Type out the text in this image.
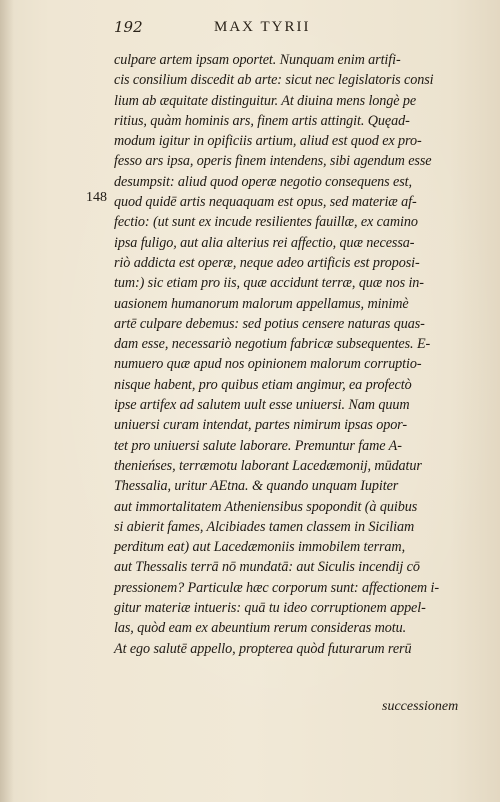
192	MAX TYRII
148
culpare artem ipsam oportet. Nunquam enim artifi-
cis consilium discedit ab arte: sicut nec legislatoris consi
lium ab æquitate distinguitur. At diuina mens longè pe
ritius, quàm hominis ars, finem artis attingit. Quęad-
modum igitur in opificiis artium, aliud est quod ex pro-
fesso ars ipsa, operis finem intendens, sibi agendum esse
desumpsit: aliud quod operæ negotio consequens est,
quod quidē artis nequaquam est opus, sed materiæ af-
fectio: (ut sunt ex incude resilientes fauillæ, ex camino
ipsa fuligo, aut alia alterius rei affectio, quæ necessa-
riò addicta est operæ, neque adeo artificis est proposi-
tum:) sic etiam pro iis, quæ accidunt terræ, quæ nos in-
uasionem humanorum malorum appellamus, minimè
artē culpare debemus: sed potius censere naturas quas-
dam esse, necessariò negotium fabricæ subsequentes. E-
numuero quæ apud nos opinionem malorum corruptio-
nisque habent, pro quibus etiam angimur, ea profectò
ipse artifex ad salutem uult esse uniuersi. Nam quum
uniuersi curam intendat, partes nimirum ipsas opor-
tet pro uniuersi salute laborare. Premuntur fame A-
thenieńses, terræmotu laborant Lacedæmonij, mūdatur
Thessalia, uritur AEtna. & quando unquam Iupiter
aut immortalitatem Atheniensibus spopondit (à quibus
si abierit fames, Alcibiades tamen classem in Siciliam
perditum eat) aut Lacedæmoniis immobilem terram,
aut Thessalis terrā nō mundatā: aut Siculis incendij cō
pressionem? Particulæ hæc corporum sunt: affectionem i-
gitur materiæ intueris: quā tu ideo corruptionem appel-
las, quòd eam ex abeuntium rerum consideras motu.
At ego salutē appello, propterea quòd futurarum rerū
successionem
